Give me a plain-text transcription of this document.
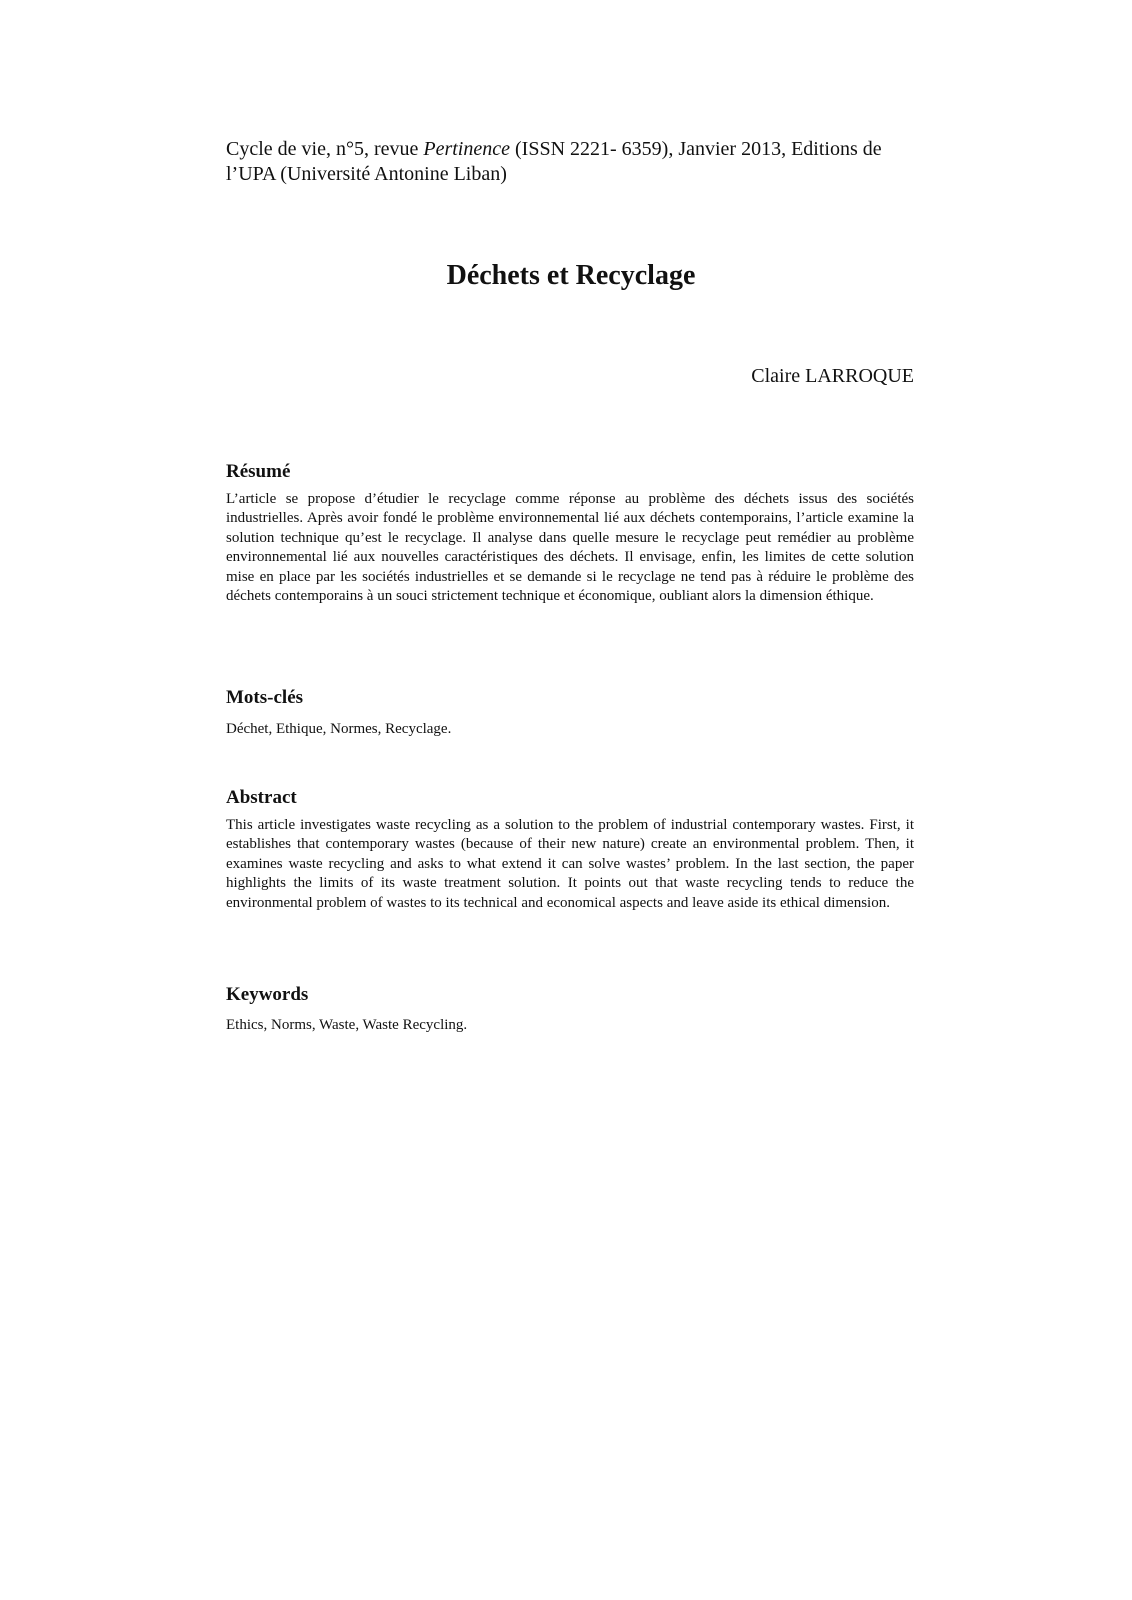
Cycle de vie, n°5, revue Pertinence (ISSN 2221- 6359), Janvier 2013, Editions de l’UPA (Université Antonine Liban)
Déchets et Recyclage
Claire LARROQUE
Résumé
L’article se propose d’étudier le recyclage comme réponse au problème des déchets issus des sociétés industrielles. Après avoir fondé le problème environnemental lié aux déchets contemporains, l’article examine la solution technique qu’est le recyclage. Il analyse dans quelle mesure le recyclage peut remédier au problème environnemental lié aux nouvelles caractéristiques des déchets. Il envisage, enfin, les limites de cette solution mise en place par les sociétés industrielles et se demande si le recyclage ne tend pas à réduire le problème des déchets contemporains à un souci strictement technique et économique, oubliant alors la dimension éthique.
Mots-clés
Déchet, Ethique, Normes, Recyclage.
Abstract
This article investigates waste recycling as a solution to the problem of industrial contemporary wastes. First, it establishes that contemporary wastes (because of their new nature) create an environmental problem. Then, it examines waste recycling and asks to what extend it can solve wastes’ problem. In the last section, the paper highlights the limits of its waste treatment solution. It points out that waste recycling tends to reduce the environmental problem of wastes to its technical and economical aspects and leave aside its ethical dimension.
Keywords
Ethics, Norms, Waste, Waste Recycling.
